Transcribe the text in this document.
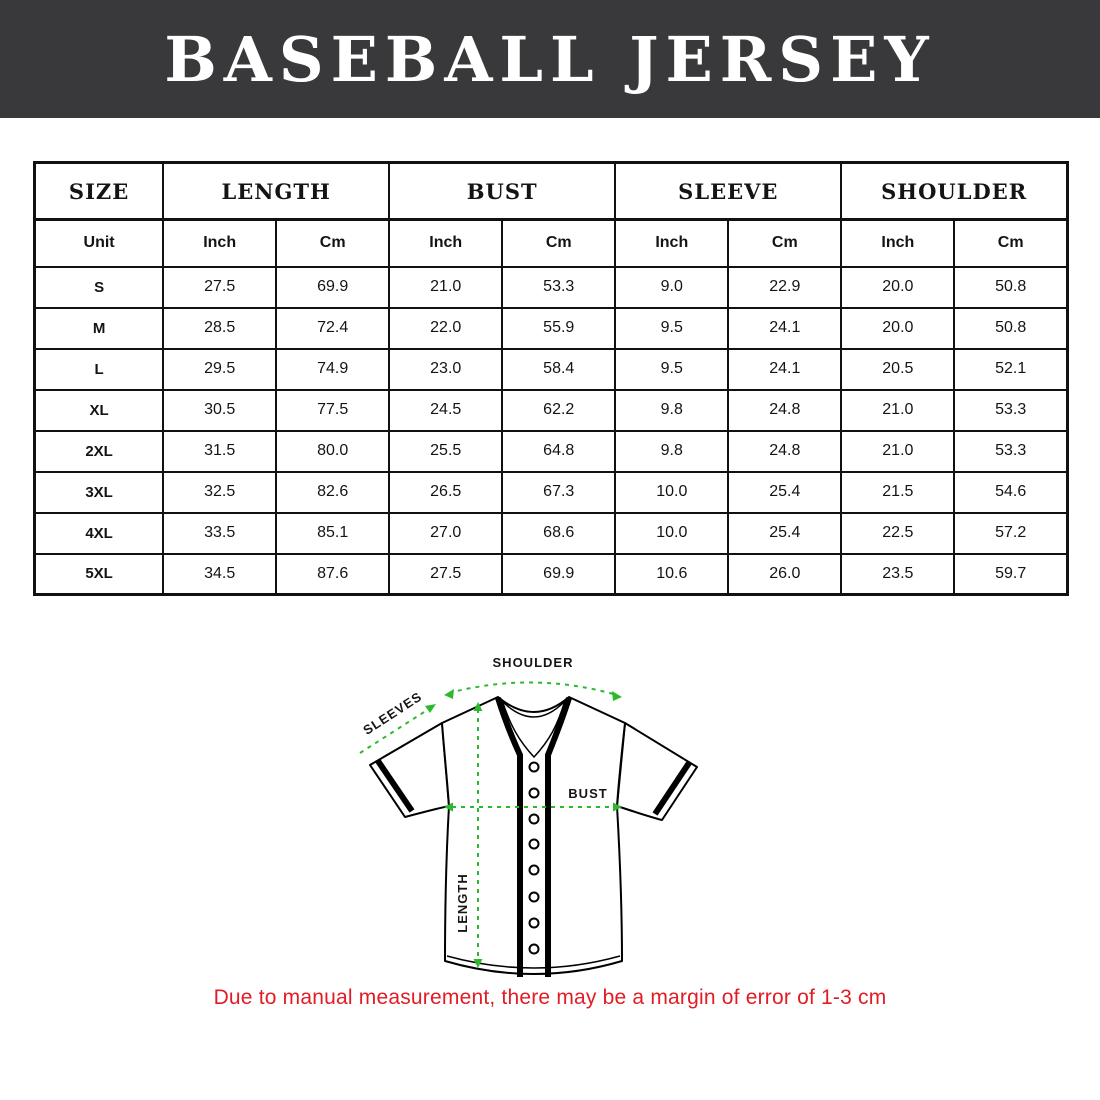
BASEBALL JERSEY
SIZE	LENGTH		BUST		SLEEVE		SHOULDER	
Unit	Inch	Cm	Inch	Cm	Inch	Cm	Inch	Cm
S	27.5	69.9	21.0	53.3	9.0	22.9	20.0	50.8
M	28.5	72.4	22.0	55.9	9.5	24.1	20.0	50.8
L	29.5	74.9	23.0	58.4	9.5	24.1	20.5	52.1
XL	30.5	77.5	24.5	62.2	9.8	24.8	21.0	53.3
2XL	31.5	80.0	25.5	64.8	9.8	24.8	21.0	53.3
3XL	32.5	82.6	26.5	67.3	10.0	25.4	21.5	54.6
4XL	33.5	85.1	27.0	68.6	10.0	25.4	22.5	57.2
5XL	34.5	87.6	27.5	69.9	10.6	26.0	23.5	59.7
SHOULDER
SLEEVES
BUST
LENGTH
Due to manual measurement, there may be a margin of error of 1-3 cm
